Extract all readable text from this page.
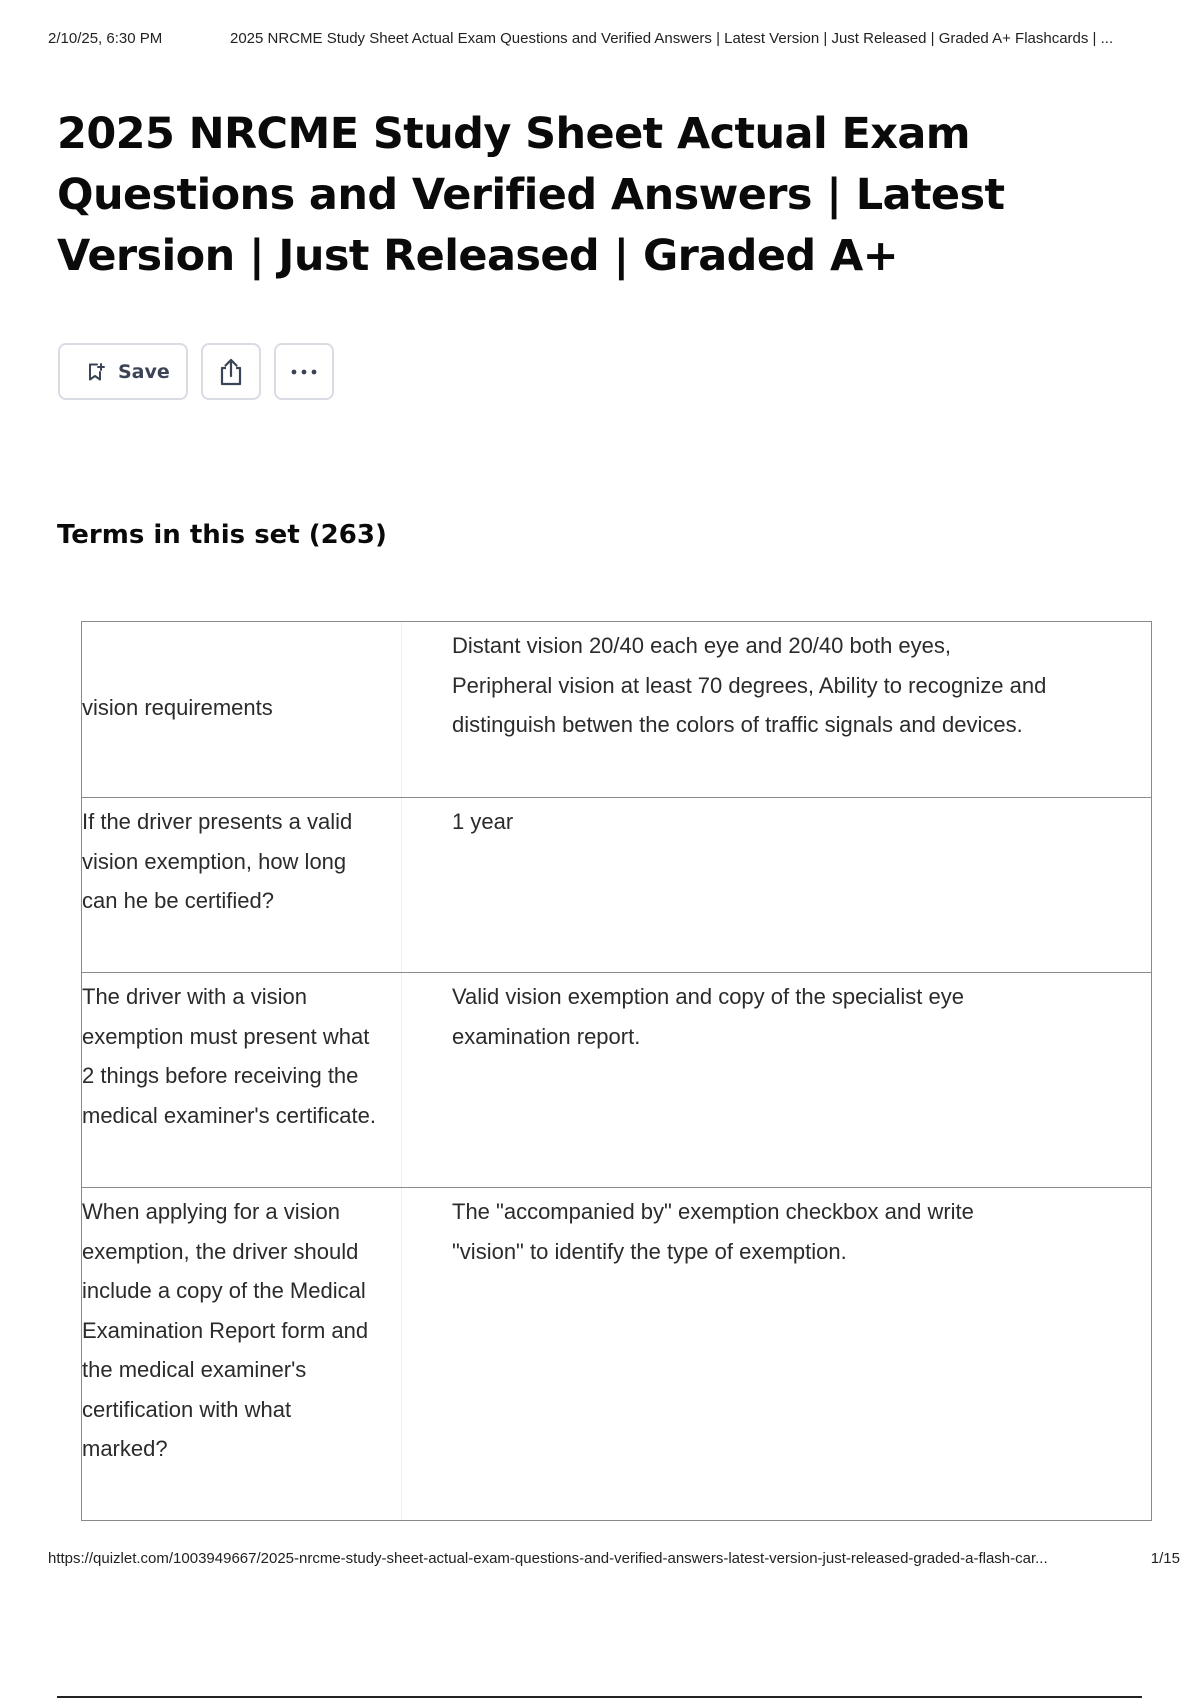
2/10/25, 6:30 PM	2025 NRCME Study Sheet Actual Exam Questions and Verified Answers | Latest Version | Just Released | Graded A+ Flashcards | ...
2025 NRCME Study Sheet Actual Exam Questions and Verified Answers | Latest Version | Just Released | Graded A+
Save
Terms in this set (263)
vision requirements
Distant vision 20/40 each eye and 20/40 both eyes, Peripheral vision at least 70 degrees, Ability to recognize and distinguish betwen the colors of traffic signals and devices.
If the driver presents a valid vision exemption, how long can he be certified?
1 year
The driver with a vision exemption must present what 2 things before receiving the medical examiner's certificate.
Valid vision exemption and copy of the specialist eye examination report.
When applying for a vision exemption, the driver should include a copy of the Medical Examination Report form and the medical examiner's certification with what marked?
The "accompanied by" exemption checkbox and write "vision" to identify the type of exemption.
https://quizlet.com/1003949667/2025-nrcme-study-sheet-actual-exam-questions-and-verified-answers-latest-version-just-released-graded-a-flash-car...	1/15
